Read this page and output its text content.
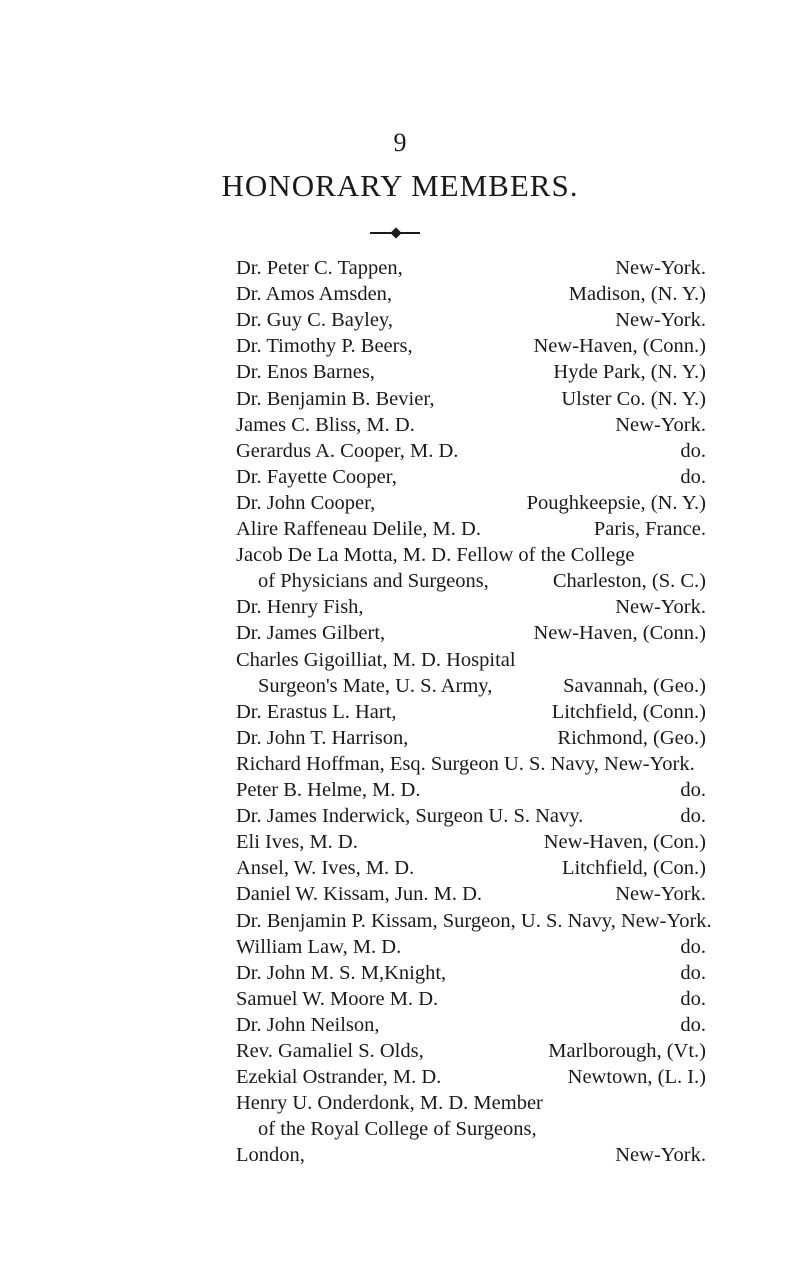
9
HONORARY MEMBERS.
Dr. Peter C. Tappen,	New-York.
Dr. Amos Amsden,	Madison, (N. Y.)
Dr. Guy C. Bayley,	New-York.
Dr. Timothy P. Beers,	New-Haven, (Conn.)
Dr. Enos Barnes,	Hyde Park, (N. Y.)
Dr. Benjamin B. Bevier,	Ulster Co. (N. Y.)
James C. Bliss, M. D.	New-York.
Gerardus A. Cooper, M. D.	do.
Dr. Fayette Cooper,	do.
Dr. John Cooper,	Poughkeepsie, (N. Y.)
Alire Raffeneau Delile, M. D.	Paris, France.
Jacob De La Motta, M. D. Fellow of the College
of Physicians and Surgeons,	Charleston, (S. C.)
Dr. Henry Fish,	New-York.
Dr. James Gilbert,	New-Haven, (Conn.)
Charles Gigoilliat, M. D. Hospital
Surgeon's Mate, U. S. Army,	Savannah, (Geo.)
Dr. Erastus L. Hart,	Litchfield, (Conn.)
Dr. John T. Harrison,	Richmond, (Geo.)
Richard Hoffman, Esq. Surgeon U. S. Navy, New-York.
Peter B. Helme, M. D.	do.
Dr. James Inderwick, Surgeon U. S. Navy.	do.
Eli Ives, M. D.	New-Haven, (Con.)
Ansel, W. Ives, M. D.	Litchfield, (Con.)
Daniel W. Kissam, Jun. M. D.	New-York.
Dr. Benjamin P. Kissam, Surgeon, U. S. Navy, New-York.
William Law, M. D.	do.
Dr. John M. S. M,Knight,	do.
Samuel W. Moore M. D.	do.
Dr. John Neilson,	do.
Rev. Gamaliel S. Olds,	Marlborough, (Vt.)
Ezekial Ostrander, M. D.	Newtown, (L. I.)
Henry U. Onderdonk, M. D. Member
of the Royal College of Surgeons,
London,	New-York.
